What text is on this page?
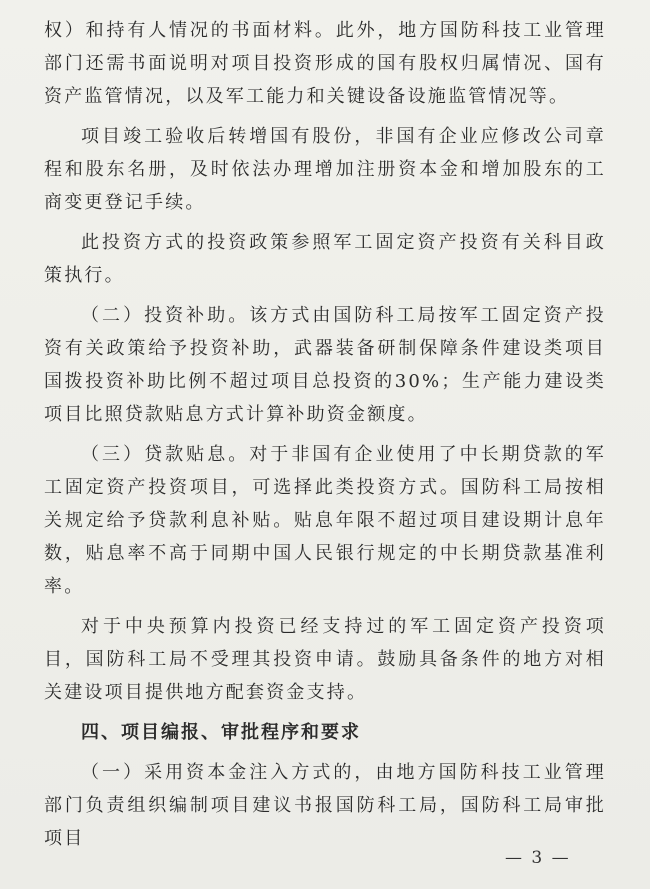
权）和持有人情况的书面材料。此外，地方国防科技工业管理部门还需书面说明对项目投资形成的国有股权归属情况、国有资产监管情况，以及军工能力和关键设备设施监管情况等。

项目竣工验收后转增国有股份，非国有企业应修改公司章程和股东名册，及时依法办理增加注册资本金和增加股东的工商变更登记手续。

此投资方式的投资政策参照军工固定资产投资有关科目政策执行。

（二）投资补助。该方式由国防科工局按军工固定资产投资有关政策给予投资补助，武器装备研制保障条件建设类项目国拨投资补助比例不超过项目总投资的30%；生产能力建设类项目比照贷款贴息方式计算补助资金额度。

（三）贷款贴息。对于非国有企业使用了中长期贷款的军工固定资产投资项目，可选择此类投资方式。国防科工局按相关规定给予贷款利息补贴。贴息年限不超过项目建设期计息年数，贴息率不高于同期中国人民银行规定的中长期贷款基准利率。

对于中央预算内投资已经支持过的军工固定资产投资项目，国防科工局不受理其投资申请。鼓励具备条件的地方对相关建设项目提供地方配套资金支持。

四、项目编报、审批程序和要求

（一）采用资本金注入方式的，由地方国防科技工业管理部门负责组织编制项目建议书报国防科工局，国防科工局审批项目

— 3 —
